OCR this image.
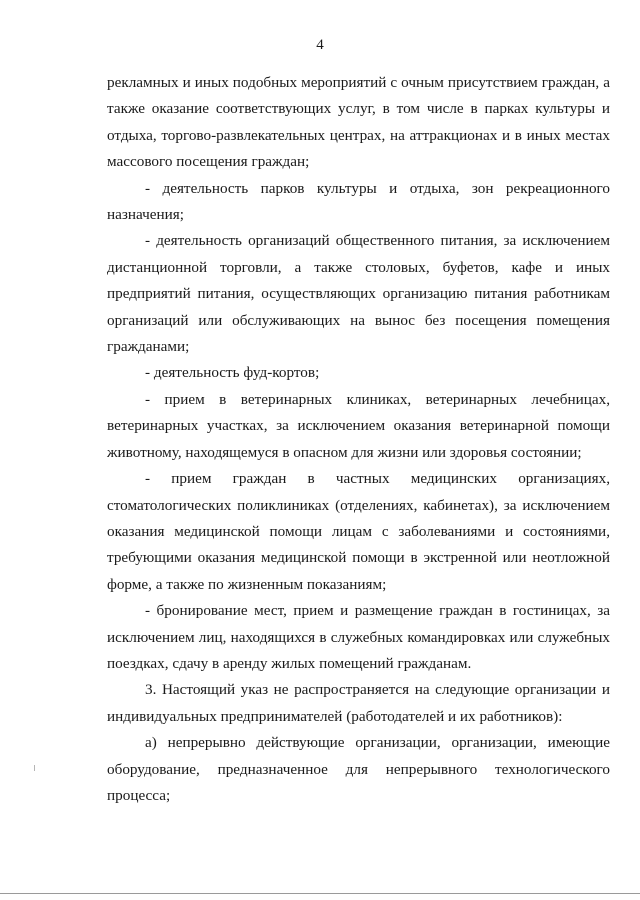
4

рекламных и иных подобных мероприятий с очным присутствием граждан, а также оказание соответствующих услуг, в том числе в парках культуры и отдыха, торгово-развлекательных центрах, на аттракционах и в иных местах массового посещения граждан;

- деятельность парков культуры и отдыха, зон рекреационного назначения;

- деятельность организаций общественного питания, за исключением дистанционной торговли, а также столовых, буфетов, кафе и иных предприятий питания, осуществляющих организацию питания работникам организаций или обслуживающих на вынос без посещения помещения гражданами;

- деятельность фуд-кортов;

- прием в ветеринарных клиниках, ветеринарных лечебницах, ветеринарных участках, за исключением оказания ветеринарной помощи животному, находящемуся в опасном для жизни или здоровья состоянии;

- прием граждан в частных медицинских организациях, стоматологических поликлиниках (отделениях, кабинетах), за исключением оказания медицинской помощи лицам с заболеваниями и состояниями, требующими оказания медицинской помощи в экстренной или неотложной форме, а также по жизненным показаниям;

- бронирование мест, прием и размещение граждан в гостиницах, за исключением лиц, находящихся в служебных командировках или служебных поездках, сдачу в аренду жилых помещений гражданам.

3. Настоящий указ не распространяется на следующие организации и индивидуальных предпринимателей (работодателей и их работников):

а) непрерывно действующие организации, организации, имеющие оборудование, предназначенное для непрерывного технологического процесса;
